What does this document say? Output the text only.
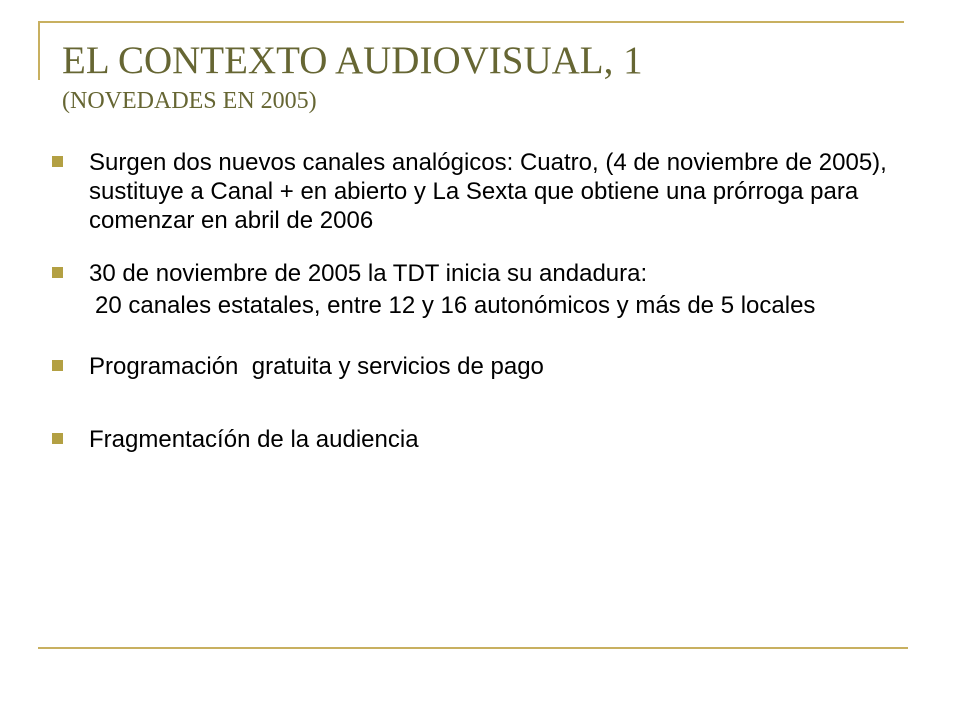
EL CONTEXTO AUDIOVISUAL, 1
(NOVEDADES EN 2005)
Surgen dos nuevos canales analógicos: Cuatro, (4 de noviembre de 2005), sustituye a Canal + en abierto y La Sexta que obtiene una prórroga para comenzar en abril de 2006
30 de noviembre de 2005 la TDT inicia su andadura:
20 canales estatales, entre 12 y 16 autonómicos y más de 5 locales
Programación  gratuita y servicios de pago
Fragmentacíón de la audiencia
